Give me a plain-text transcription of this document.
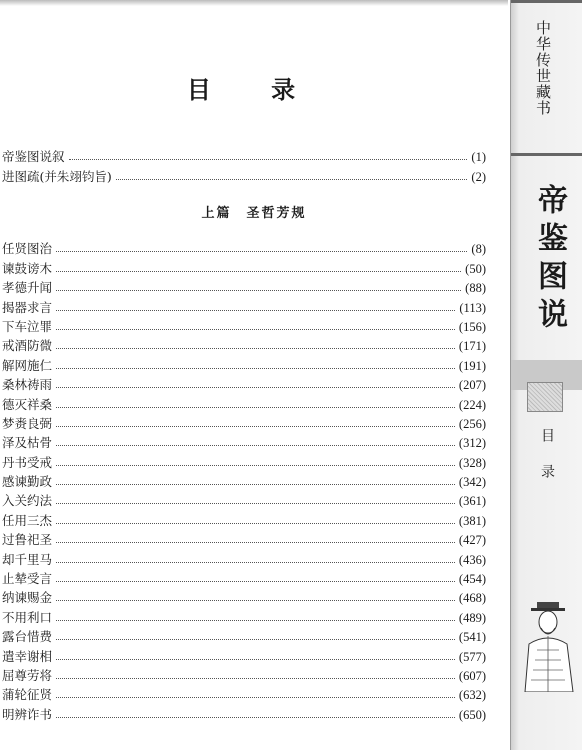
目 录
帝鉴图说叙	(1)
进图疏(并朱翊钧旨)	(2)
上篇　圣哲芳规
任贤图治	(8)
谏鼓谤木	(50)
孝德升闻	(88)
揭器求言	(113)
下车泣罪	(156)
戒酒防微	(171)
解网施仁	(191)
桑林祷雨	(207)
德灭祥桑	(224)
梦赉良弼	(256)
泽及枯骨	(312)
丹书受戒	(328)
感谏勤政	(342)
入关约法	(361)
任用三杰	(381)
过鲁祀圣	(427)
却千里马	(436)
止辇受言	(454)
纳谏赐金	(468)
不用利口	(489)
露台惜费	(541)
遣幸谢相	(577)
屈尊劳将	(607)
蒲轮征贤	(632)
明辨诈书	(650)
中华传世藏书
帝鉴图说
目录
